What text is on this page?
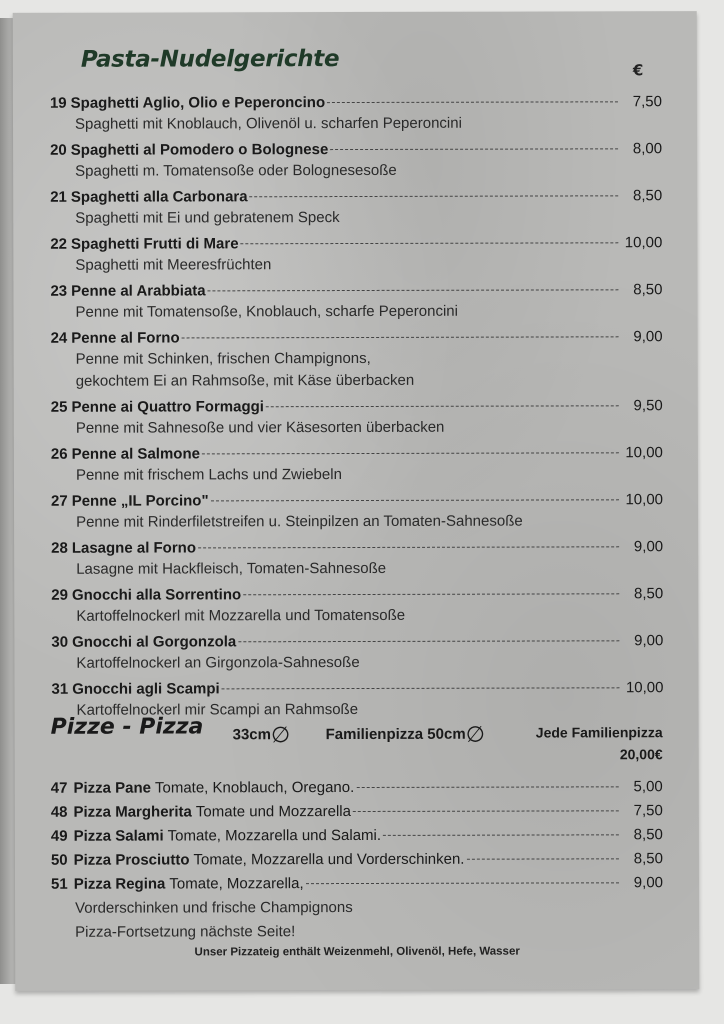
Pasta-Nudelgerichte	€
19 Spaghetti Aglio, Olio e Peperoncino	7,50
Spaghetti mit Knoblauch, Olivenöl u. scharfen Peperoncini
20 Spaghetti al Pomodero o Bolognese	8,00
Spaghetti m. Tomatensoße oder Bolognesesoße
21 Spaghetti alla Carbonara	8,50
Spaghetti mit Ei und gebratenem Speck
22 Spaghetti Frutti di Mare	10,00
Spaghetti mit Meeresfrüchten
23 Penne al Arabbiata	8,50
Penne mit Tomatensoße, Knoblauch, scharfe Peperoncini
24 Penne al Forno	9,00
Penne mit Schinken, frischen Champignons,
gekochtem Ei an Rahmsoße, mit Käse überbacken
25 Penne ai Quattro Formaggi	9,50
Penne mit Sahnesoße und vier Käsesorten überbacken
26 Penne al Salmone	10,00
Penne mit frischem Lachs und Zwiebeln
27 Penne „IL Porcino"	10,00
Penne mit Rinderfiletstreifen u. Steinpilzen an Tomaten-Sahnesoße
28 Lasagne al Forno	9,00
Lasagne mit Hackfleisch, Tomaten-Sahnesoße
29 Gnocchi alla Sorrentino	8,50
Kartoffelnockerl mit Mozzarella und Tomatensoße
30 Gnocchi al Gorgonzola	9,00
Kartoffelnockerl an Girgonzola-Sahnesoße
31 Gnocchi agli Scampi	10,00
Kartoffelnockerl mir Scampi an Rahmsoße
Pizze - Pizza 33cm∅ Familienpizza 50cm∅	Jede Familienpizza
20,00€
47 Pizza Pane Tomate, Knoblauch, Oregano.	5,00
48 Pizza Margherita Tomate und Mozzarella	7,50
49 Pizza Salami Tomate, Mozzarella und Salami.	8,50
50 Pizza Prosciutto Tomate, Mozzarella und Vorderschinken.	8,50
51 Pizza Regina Tomate, Mozzarella,	9,00
Vorderschinken und frische Champignons
Pizza-Fortsetzung nächste Seite!
Unser Pizzateig enthält Weizenmehl, Olivenöl, Hefe, Wasser
